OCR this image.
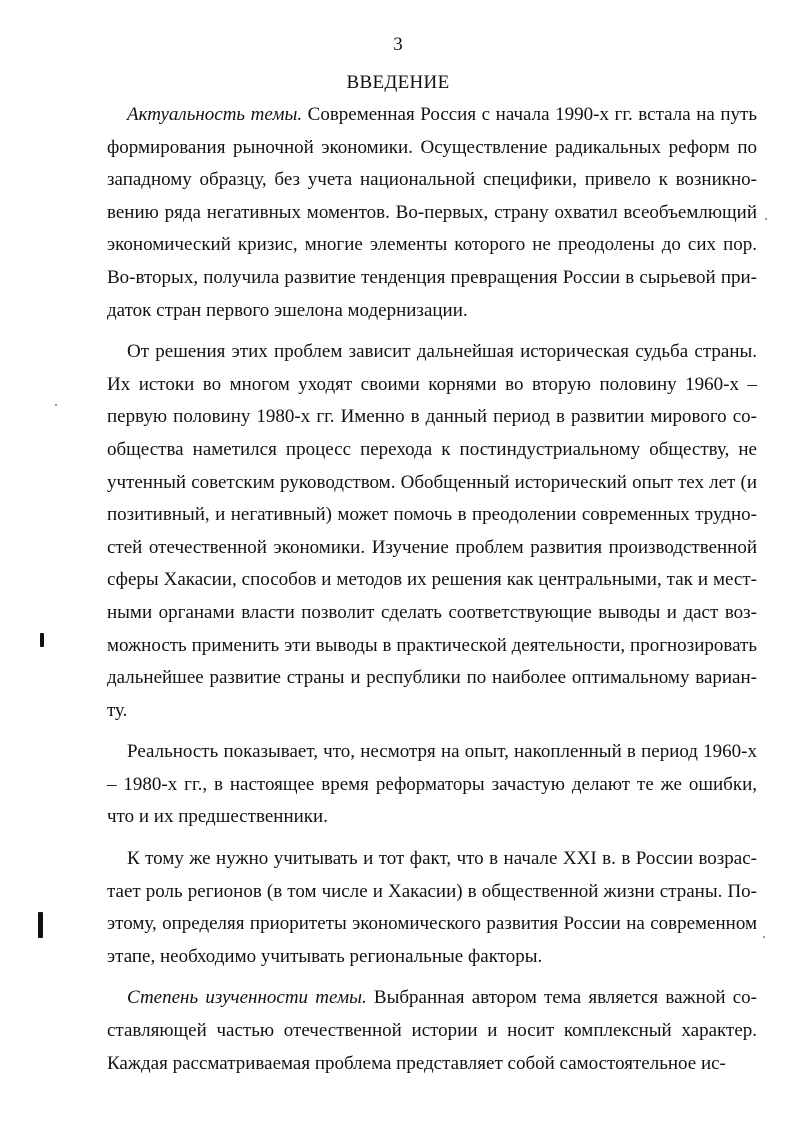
3
ВВЕДЕНИЕ

Актуальность темы. Современная Россия с начала 1990-х гг. встала на путь формирования рыночной экономики. Осуществление радикальных реформ по западному образцу, без учета национальной специфики, привело к возникновению ряда негативных моментов. Во-первых, страну охватил всеобъемлющий экономический кризис, многие элементы которого не преодолены до сих пор. Во-вторых, получила развитие тенденция превращения России в сырьевой придаток стран первого эшелона модернизации.

От решения этих проблем зависит дальнейшая историческая судьба страны. Их истоки во многом уходят своими корнями во вторую половину 1960-х – первую половину 1980-х гг. Именно в данный период в развитии мирового сообщества наметился процесс перехода к постиндустриальному обществу, не учтенный советским руководством. Обобщенный исторический опыт тех лет (и позитивный, и негативный) может помочь в преодолении современных трудностей отечественной экономики. Изучение проблем развития производственной сферы Хакасии, способов и методов их решения как центральными, так и местными органами власти позволит сделать соответствующие выводы и даст возможность применить эти выводы в практической деятельности, прогнозировать дальнейшее развитие страны и республики по наиболее оптимальному варианту.

Реальность показывает, что, несмотря на опыт, накопленный в период 1960-х – 1980-х гг., в настоящее время реформаторы зачастую делают те же ошибки, что и их предшественники.

К тому же нужно учитывать и тот факт, что в начале XXI в. в России возрастает роль регионов (в том числе и Хакасии) в общественной жизни страны. Поэтому, определяя приоритеты экономического развития России на современном этапе, необходимо учитывать региональные факторы.

Степень изученности темы. Выбранная автором тема является важной составляющей частью отечественной истории и носит комплексный характер. Каждая рассматриваемая проблема представляет собой самостоятельное ис-
